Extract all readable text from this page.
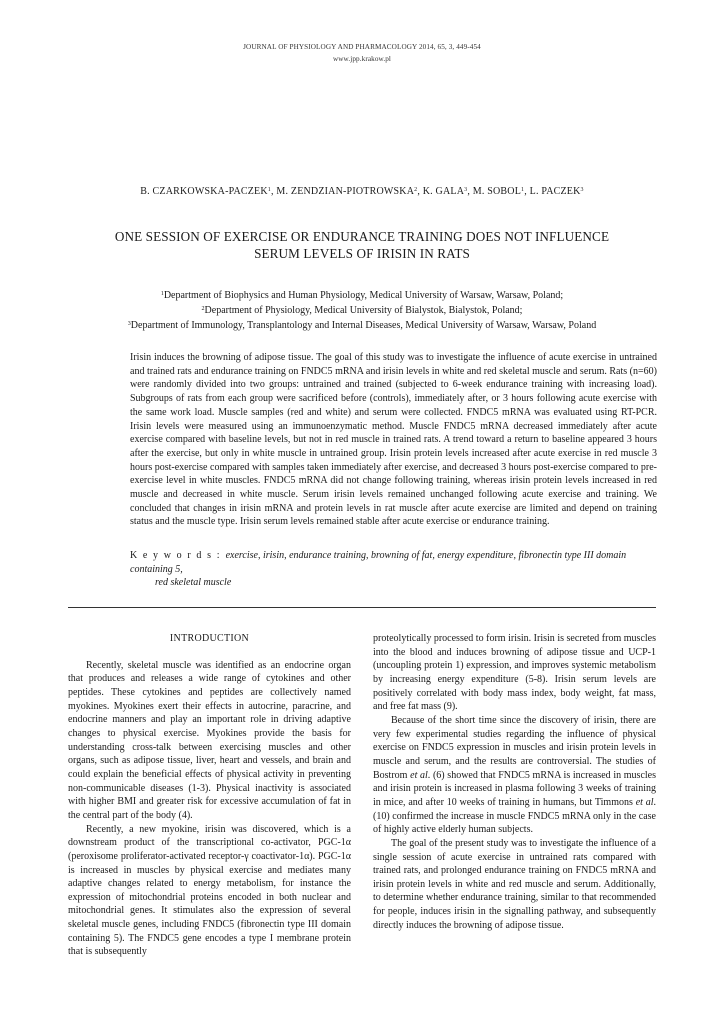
JOURNAL OF PHYSIOLOGY AND PHARMACOLOGY 2014, 65, 3, 449-454
www.jpp.krakow.pl
B. CZARKOWSKA-PACZEK$^1$, M. ZENDZIAN-PIOTROWSKA$^2$, K. GALA$^3$, M. SOBOL$^1$, L. PACZEK$^3$
ONE SESSION OF EXERCISE OR ENDURANCE TRAINING DOES NOT INFLUENCE
SERUM LEVELS OF IRISIN IN RATS
$^1$Department of Biophysics and Human Physiology, Medical University of Warsaw, Warsaw, Poland;
$^2$Department of Physiology, Medical University of Bialystok, Bialystok, Poland;
$^3$Department of Immunology, Transplantology and Internal Diseases, Medical University of Warsaw, Warsaw, Poland
Irisin induces the browning of adipose tissue. The goal of this study was to investigate the influence of acute exercise in untrained and trained rats and endurance training on FNDC5 mRNA and irisin levels in white and red skeletal muscle and serum. Rats (n=60) were randomly divided into two groups: untrained and trained (subjected to 6-week endurance training with increasing load). Subgroups of rats from each group were sacrificed before (controls), immediately after, or 3 hours following acute exercise with the same work load. Muscle samples (red and white) and serum were collected. FNDC5 mRNA was evaluated using RT-PCR. Irisin levels were measured using an immunoenzymatic method. Muscle FNDC5 mRNA decreased immediately after acute exercise compared with baseline levels, but not in red muscle in trained rats. A trend toward a return to baseline appeared 3 hours after the exercise, but only in white muscle in untrained group. Irisin protein levels increased after acute exercise in red muscle 3 hours post-exercise compared with samples taken immediately after exercise, and decreased 3 hours post-exercise compared to pre-exercise level in white muscles. FNDC5 mRNA did not change following training, whereas irisin protein levels increased in red muscle and decreased in white muscle. Serum irisin levels remained unchanged following acute exercise and training. We concluded that changes in irisin mRNA and protein levels in rat muscle after acute exercise are limited and depend on training status and the muscle type. Irisin serum levels remained stable after acute exercise or endurance training.
K e y w o r d s : exercise, irisin, endurance training, browning of fat, energy expenditure, fibronectin type III domain containing 5,
red skeletal muscle
INTRODUCTION

Recently, skeletal muscle was identified as an endocrine organ that produces and releases a wide range of cytokines and other peptides. These cytokines and peptides are collectively named myokines. Myokines exert their effects in autocrine, paracrine, and endocrine manners and play an important role in driving adaptive changes to physical exercise. Myokines provide the basis for understanding cross-talk between exercising muscles and other organs, such as adipose tissue, liver, heart and vessels, and brain and could explain the beneficial effects of physical activity in preventing non-communicable diseases (1-3). Physical inactivity is associated with higher BMI and greater risk for excessive accumulation of fat in the central part of the body (4).

Recently, a new myokine, irisin was discovered, which is a downstream product of the transcriptional co-activator, PGC-1α (peroxisome proliferator-activated receptor-γ coactivator-1α). PGC-1α is increased in muscles by physical exercise and mediates many adaptive changes related to energy metabolism, for instance the expression of mitochondrial proteins encoded in both nuclear and mitochondrial genes. It stimulates also the expression of several skeletal muscle genes, including FNDC5 (fibronectin type III domain containing 5). The FNDC5 gene encodes a type I membrane protein that is subsequently

proteolytically processed to form irisin. Irisin is secreted from muscles into the blood and induces browning of adipose tissue and UCP-1 (uncoupling protein 1) expression, and improves systemic metabolism by increasing energy expenditure (5-8). Irisin serum levels are positively correlated with body mass index, body weight, fat mass, and free fat mass (9).

Because of the short time since the discovery of irisin, there are very few experimental studies regarding the influence of physical exercise on FNDC5 expression in muscles and irisin protein levels in muscle and serum, and the results are controversial. The studies of Bostrom et al. (6) showed that FNDC5 mRNA is increased in muscles and irisin protein is increased in plasma following 3 weeks of training in mice, and after 10 weeks of training in humans, but Timmons et al. (10) confirmed the increase in muscle FNDC5 mRNA only in the case of highly active elderly human subjects.

The goal of the present study was to investigate the influence of a single session of acute exercise in untrained rats compared with trained rats, and prolonged endurance training on FNDC5 mRNA and irisin protein levels in white and red muscle and serum. Additionally, to determine whether endurance training, similar to that recommended for people, induces irisin in the signalling pathway, and subsequently directly induces the browning of adipose tissue.
